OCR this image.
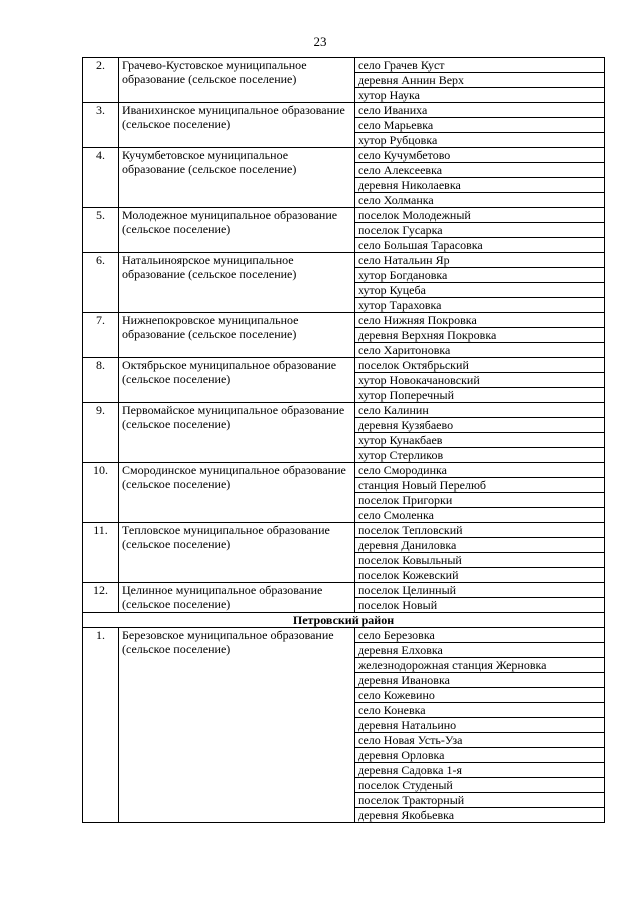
23
2.	Грачево-Кустовское муниципальное образование (сельское поселение)	село Грачев Куст
		деревня Аннин Верх
		хутор Наука
3.	Иванихинское муниципальное образование (сельское поселение)	село Иваниха
		село Марьевка
		хутор Рубцовка
4.	Кучумбетовское муниципальное образование (сельское поселение)	село Кучумбетово
		село Алексеевка
		деревня Николаевка
		село Холманка
5.	Молодежное муниципальное образование (сельское поселение)	поселок Молодежный
		поселок Гусарка
		село Большая Тарасовка
6.	Натальиноярское муниципальное образование (сельское поселение)	село Натальин Яр
		хутор Богдановка
		хутор Куцеба
		хутор Тараховка
7.	Нижнепокровское муниципальное образование (сельское поселение)	село Нижняя Покровка
		деревня Верхняя Покровка
		село Харитоновка
8.	Октябрьское муниципальное образование (сельское поселение)	поселок Октябрьский
		хутор Новокачановский
		хутор Поперечный
9.	Первомайское муниципальное образование (сельское поселение)	село Калинин
		деревня Кузябаево
		хутор Кунакбаев
		хутор Стерликов
10.	Смородинское муниципальное образование (сельское поселение)	село Смородинка
		станция Новый Перелюб
		поселок Пригорки
		село Смоленка
11.	Тепловское муниципальное образование (сельское поселение)	поселок Тепловский
		деревня Даниловка
		поселок Ковыльный
		поселок Кожевский
12.	Целинное муниципальное образование (сельское поселение)	поселок Целинный
		поселок Новый
Петровский район		
1.	Березовское муниципальное образование (сельское поселение)	село Березовка
		деревня Елховка
		железнодорожная станция Жерновка
		деревня Ивановка
		село Кожевино
		село Коневка
		деревня Натальино
		село Новая Усть-Уза
		деревня Орловка
		деревня Садовка 1-я
		поселок Студеный
		поселок Тракторный
		деревня Якобьевка
